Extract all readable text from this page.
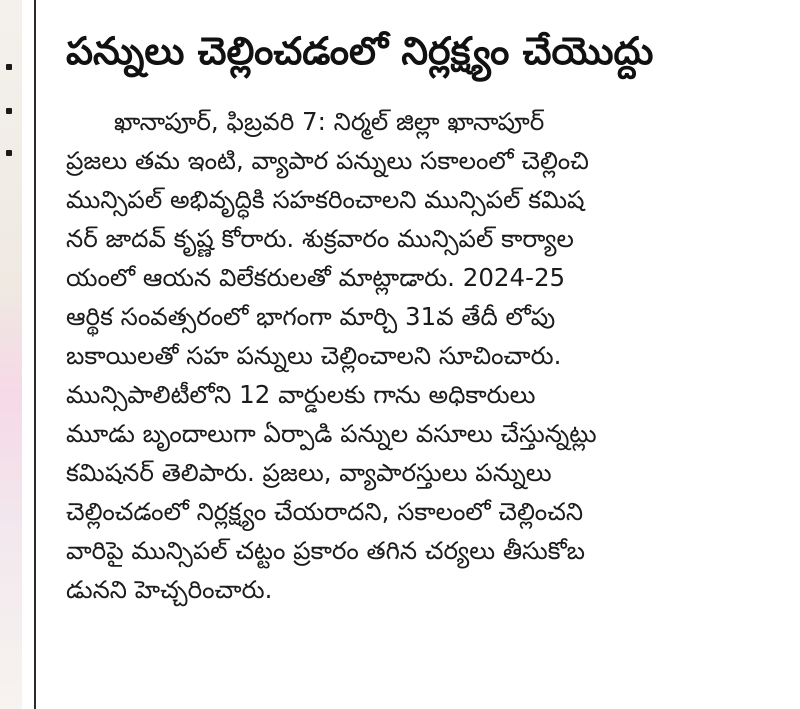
పన్నులు చెల్లించడంలో నిర్లక్ష్యం చేయొద్దు
ఖానాపూర్, ఫిబ్రవరి 7: నిర్మల్ జిల్లా ఖానాపూర్
ప్రజలు తమ ఇంటి, వ్యాపార పన్నులు సకాలంలో చెల్లించి
మున్సిపల్ అభివృద్ధికి సహకరించాలని మున్సిపల్ కమిష
నర్ జాదవ్ కృష్ణ కోరారు. శుక్రవారం మున్సిపల్ కార్యాల
యంలో ఆయన విలేకరులతో మాట్లాడారు. 2024-25
ఆర్థిక సంవత్సరంలో భాగంగా మార్చి 31వ తేదీ లోపు
బకాయిలతో సహ పన్నులు చెల్లించాలని సూచించారు.
మున్సిపాలిటీలోని 12 వార్డులకు గాను అధికారులు
మూడు బృందాలుగా ఏర్పాడి పన్నుల వసూలు చేస్తున్నట్లు
కమిషనర్ తెలిపారు. ప్రజలు, వ్యాపారస్తులు పన్నులు
చెల్లించడంలో నిర్లక్ష్యం చేయరాదని, సకాలంలో చెల్లించని
వారిపై మున్సిపల్ చట్టం ప్రకారం తగిన చర్యలు తీసుకోబ
డునని హెచ్చరించారు.
